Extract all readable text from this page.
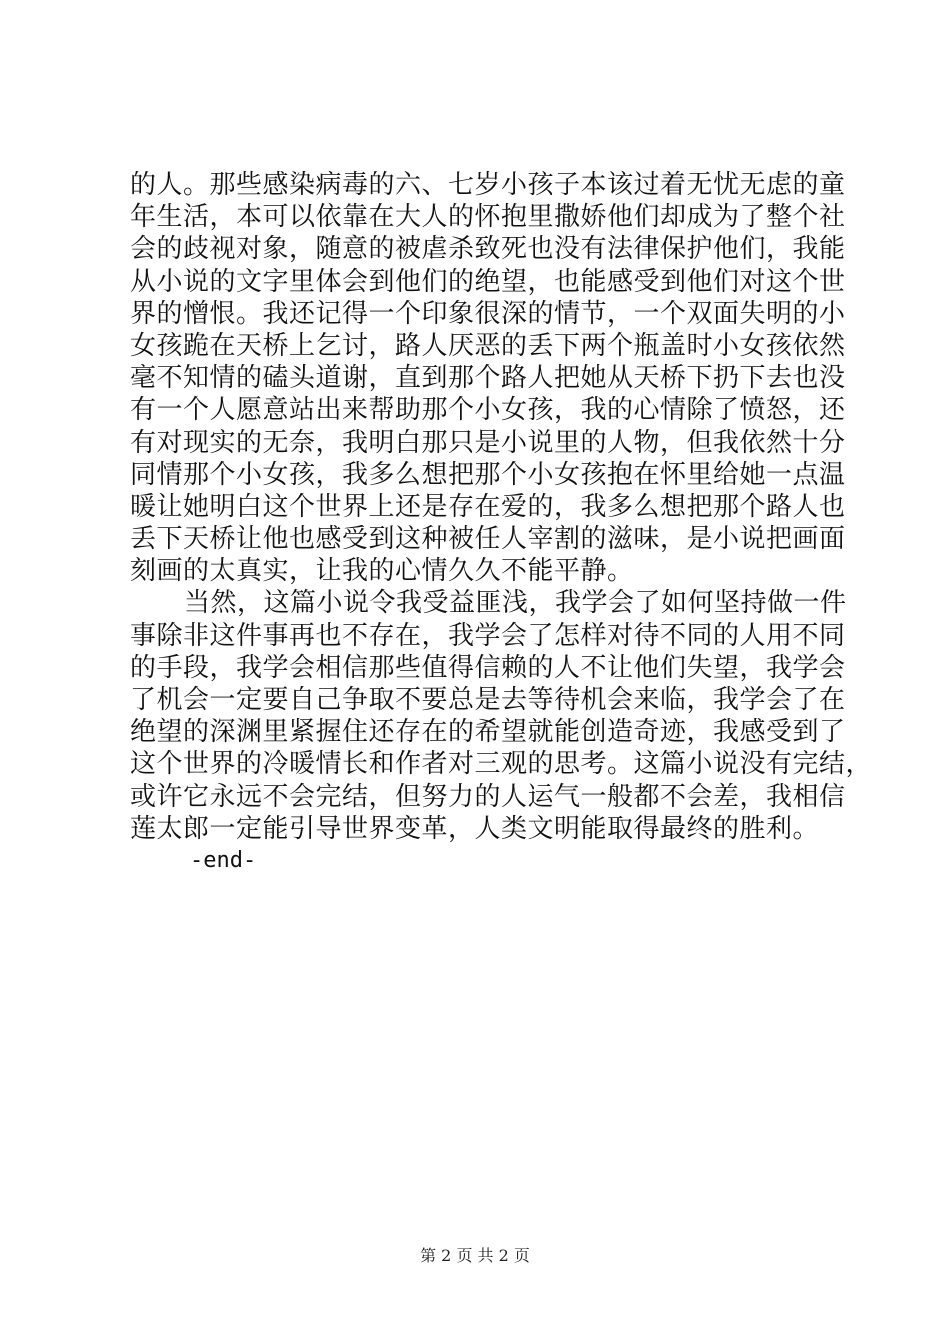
的人。那些感染病毒的六、七岁小孩子本该过着无忧无虑的童
年生活，本可以依靠在大人的怀抱里撒娇他们却成为了整个社
会的歧视对象，随意的被虐杀致死也没有法律保护他们，我能
从小说的文字里体会到他们的绝望，也能感受到他们对这个世
界的憎恨。我还记得一个印象很深的情节，一个双面失明的小
女孩跪在天桥上乞讨，路人厌恶的丢下两个瓶盖时小女孩依然
毫不知情的磕头道谢，直到那个路人把她从天桥下扔下去也没
有一个人愿意站出来帮助那个小女孩，我的心情除了愤怒，还
有对现实的无奈，我明白那只是小说里的人物，但我依然十分
同情那个小女孩，我多么想把那个小女孩抱在怀里给她一点温
暖让她明白这个世界上还是存在爱的，我多么想把那个路人也
丢下天桥让他也感受到这种被任人宰割的滋味，是小说把画面
刻画的太真实，让我的心情久久不能平静。
当然，这篇小说令我受益匪浅，我学会了如何坚持做一件
事除非这件事再也不存在，我学会了怎样对待不同的人用不同
的手段，我学会相信那些值得信赖的人不让他们失望，我学会
了机会一定要自己争取不要总是去等待机会来临，我学会了在
绝望的深渊里紧握住还存在的希望就能创造奇迹，我感受到了
这个世界的冷暖情长和作者对三观的思考。这篇小说没有完结，
或许它永远不会完结，但努力的人运气一般都不会差，我相信
莲太郎一定能引导世界变革，人类文明能取得最终的胜利。
-end-
第 2 页 共 2 页
